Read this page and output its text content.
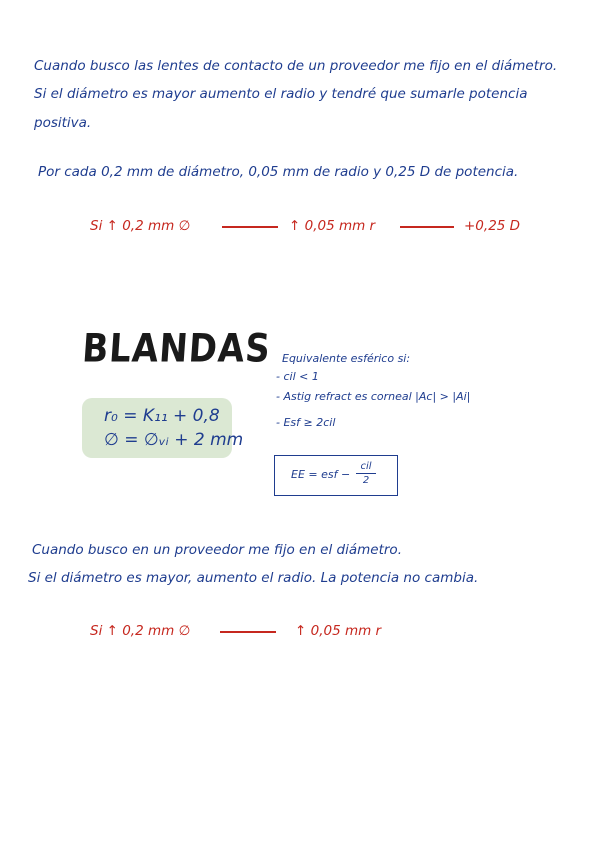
Cuando busco las lentes de contacto de un proveedor me fijo en el diámetro.
Si el diámetro es mayor aumento el radio y tendré que sumarle potencia
positiva.
Por cada 0,2 mm de diámetro, 0,05 mm de radio y 0,25 D de potencia.
Si ↑ 0,2 mm ∅	↑ 0,05 mm r	+0,25 D
BLANDAS
r₀ = K₁₁ + 0,8
∅ = ∅ᵥᵢ + 2 mm
Equivalente esférico si:
- cil < 1
- Astig refract es corneal |Ac| > |Ai|
- Esf ≥ 2cil
EE = esf −
cil
2
Cuando busco en un proveedor me fijo en el diámetro.
Si el diámetro es mayor, aumento el radio. La potencia no cambia.
Si ↑ 0,2 mm ∅	↑ 0,05 mm r
